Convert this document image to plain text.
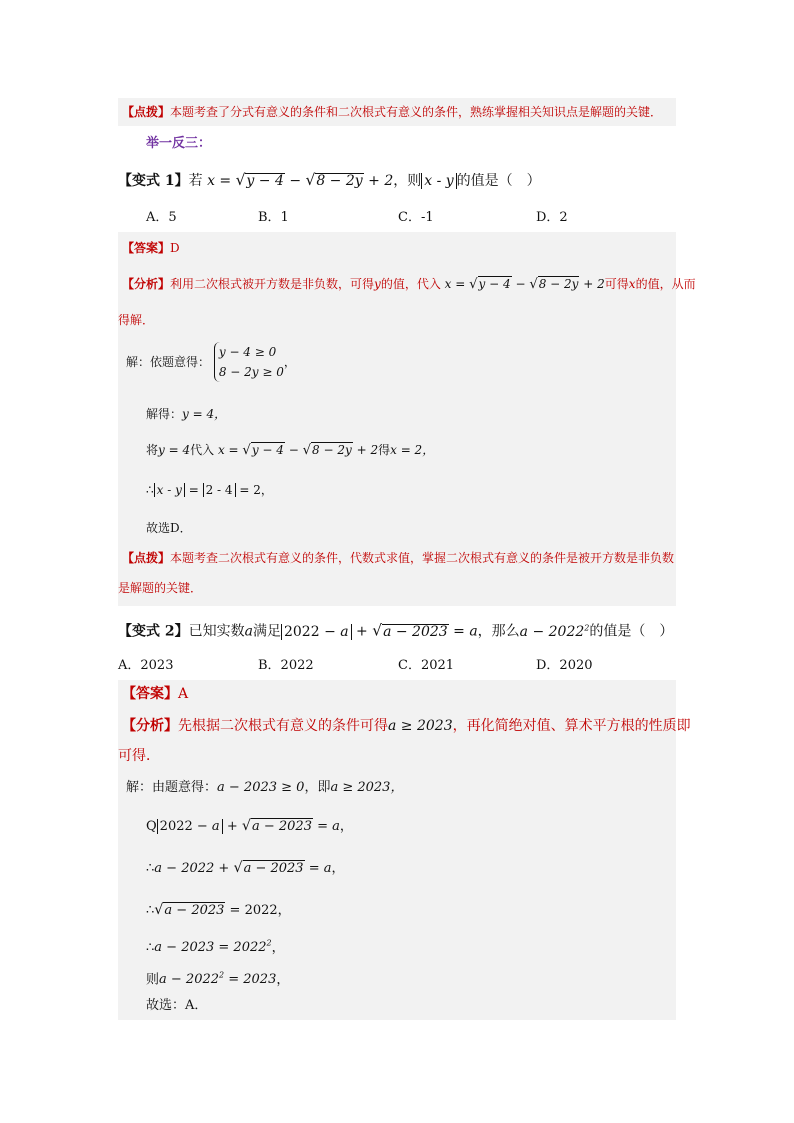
【点拨】本题考查了分式有意义的条件和二次根式有意义的条件，熟练掌握相关知识点是解题的关键．
举一反三：
【变式 1】若 x = √y − 4 − √8 − 2y + 2，则 x - y 的值是（　）
A．5	B．1	C．-1	D．2
【答案】D
【分析】利用二次根式被开方数是非负数，可得y的值，代入 x = √y − 4 − √8 − 2y + 2可得x的值，从而
得解．
解：依题意得： y − 4 ≥ 0
8 − 2y ≥ 0，
解得：y = 4，
将y = 4代入 x = √y − 4 − √8 − 2y + 2得x = 2，
∴ x - y = 2 - 4 = 2，
故选D．
【点拨】本题考查二次根式有意义的条件，代数式求值，掌握二次根式有意义的条件是被开方数是非负数
是解题的关键．
【变式 2】已知实数a满足 2022 − a + √a − 2023 = a，那么$a - 2022^2$的值是（　）
A．2023	B．2022	C．2021	D．2020
【答案】A
【分析】先根据二次根式有意义的条件可得a ≥ 2023，再化简绝对值、算术平方根的性质即
可得．
解：由题意得：a − 2023 ≥ 0，即a ≥ 2023，
Q 2022 − a + √a − 2023 = a，
∴a − 2022 + √a − 2023 = a，
∴√a − 2023 = 2022，
∴a − $2023 = 2022^2$，
则$a - 2022^2 = 2023$，
故选：A．
